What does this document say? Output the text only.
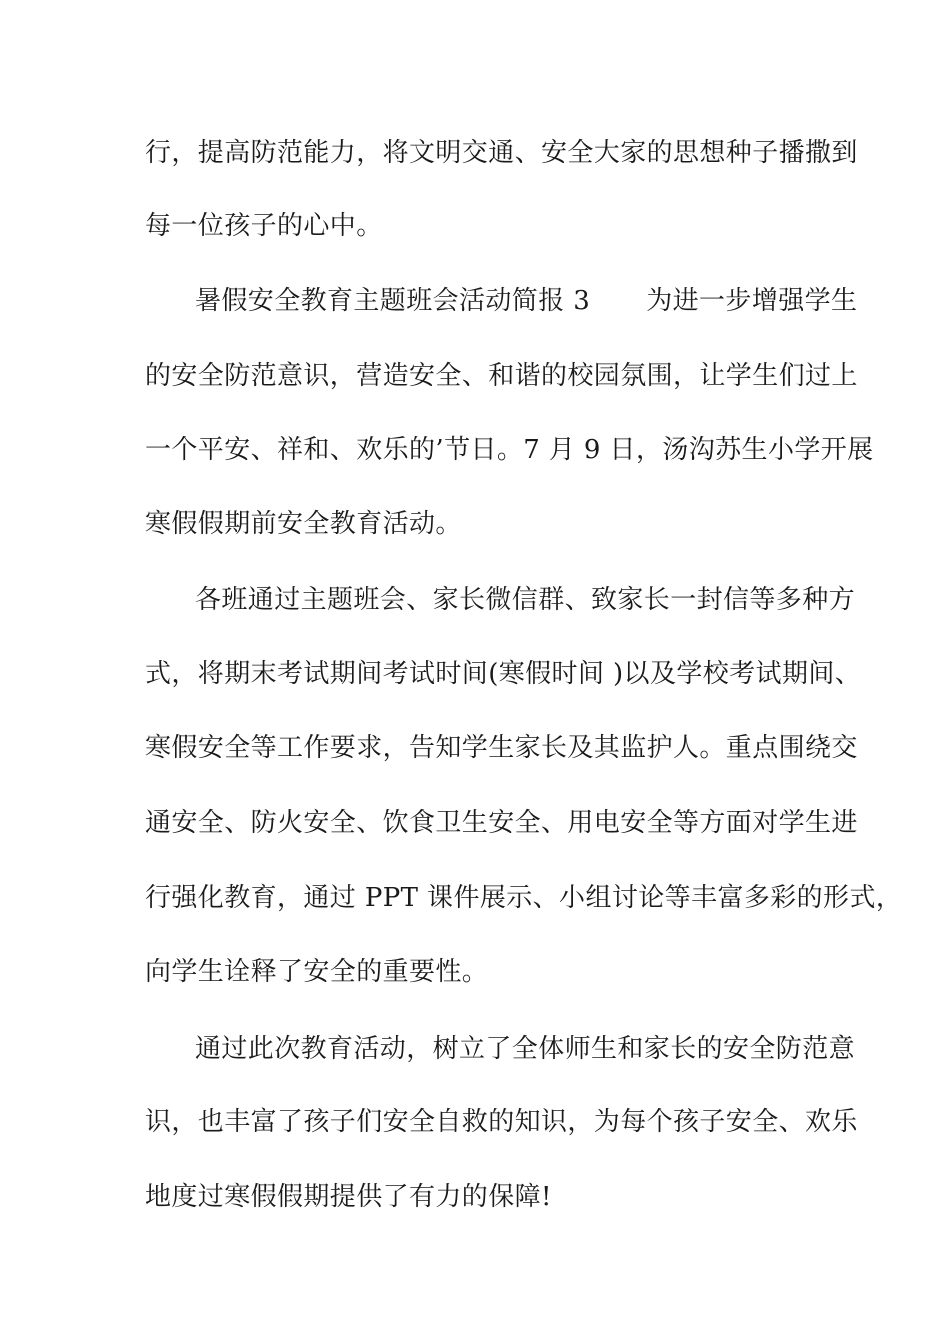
行，提高防范能力，将文明交通、安全大家的思想种子播撒到
每一位孩子的心中。
暑假安全教育主题班会活动简报 3 为进一步增强学生
的安全防范意识，营造安全、和谐的校园氛围，让学生们过上
一个平安、祥和、欢乐的’节日。7 月 9 日，汤沟苏生小学开展
寒假假期前安全教育活动。
各班通过主题班会、家长微信群、致家长一封信等多种方
式，将期末考试期间考试时间(寒假时间 )以及学校考试期间、
寒假安全等工作要求，告知学生家长及其监护人。重点围绕交
通安全、防火安全、饮食卫生安全、用电安全等方面对学生进
行强化教育，通过 PPT 课件展示、小组讨论等丰富多彩的形式，
向学生诠释了安全的重要性。
通过此次教育活动，树立了全体师生和家长的安全防范意
识，也丰富了孩子们安全自救的知识，为每个孩子安全、欢乐
地度过寒假假期提供了有力的保障!
